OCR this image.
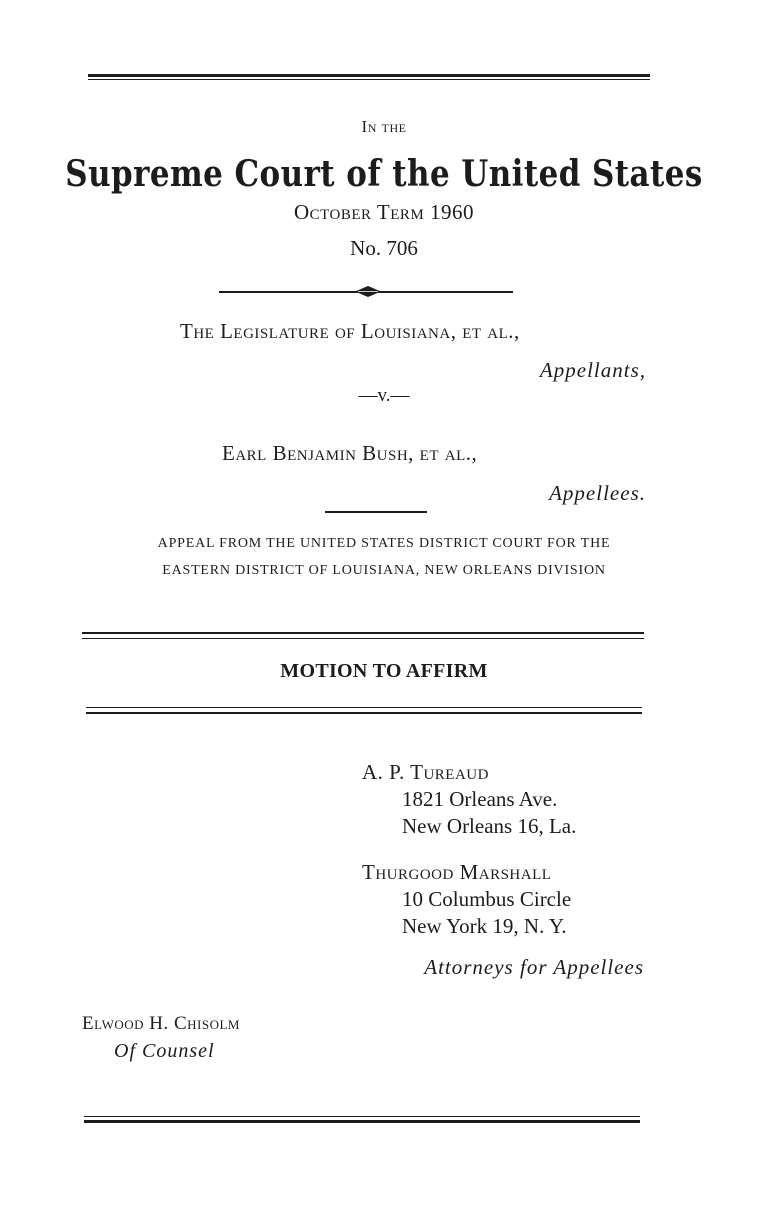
In the
Supreme Court of the United States
October Term 1960
No. 706
The Legislature of Louisiana, et al.,
Appellants,
—v.—
Earl Benjamin Bush, et al.,
Appellees.
APPEAL FROM THE UNITED STATES DISTRICT COURT FOR THE
EASTERN DISTRICT OF LOUISIANA, NEW ORLEANS DIVISION
MOTION TO AFFIRM
A. P. Tureaud
1821 Orleans Ave.
New Orleans 16, La.
Thurgood Marshall
10 Columbus Circle
New York 19, N. Y.
Attorneys for Appellees
Elwood H. Chisolm
Of Counsel
